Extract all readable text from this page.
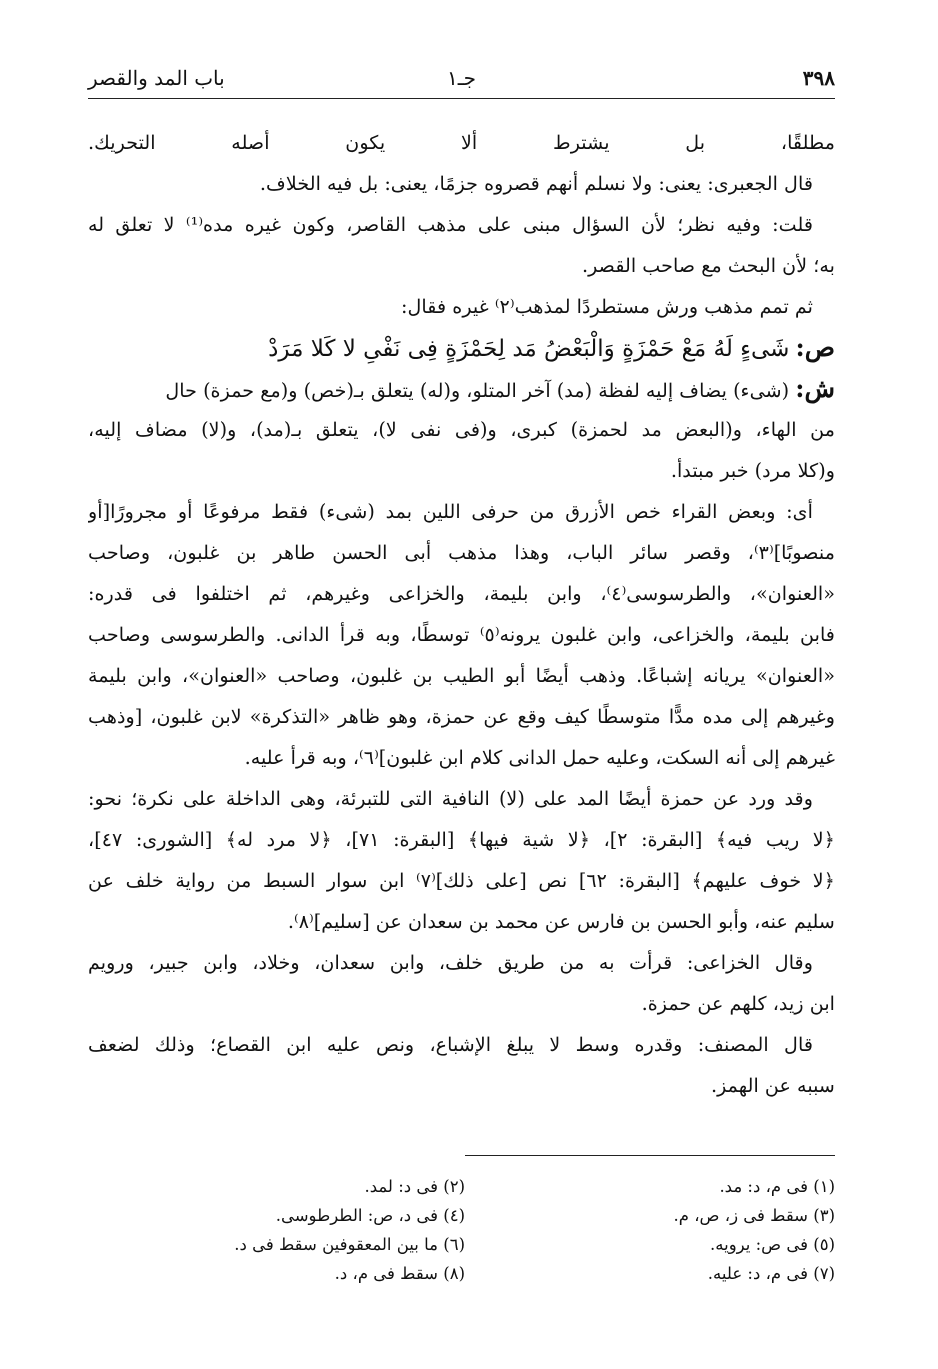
٣٩٨
جـ١
باب المد والقصر
مطلقًا، بل يشترط ألا يكون أصله التحريك.
قال الجعبرى: يعنى: ولا نسلم أنهم قصروه جزمًا، يعنى: بل فيه الخلاف.
قلت: وفيه نظر؛ لأن السؤال مبنى على مذهب القاصر، وكون غيره مده⁽¹⁾ لا تعلق له
به؛ لأن البحث مع صاحب القصر.
ثم تمم مذهب ورش مستطردًا لمذهب⁽٢⁾ غيره فقال:
ص: شَىءٍ لَهُ مَعْ حَمْزَةٍ وَالْبَعْضُ مَد لِحَمْزَةٍ فِى نَفْىِ لا كَلا مَرَدْ
ش: (شىء) يضاف إليه لفظة (مد) آخر المتلو، و(له) يتعلق بـ(خص) و(مع حمزة) حال
من الهاء، و(البعض مد لحمزة) كبرى، و(فى نفى لا)، يتعلق بـ(مد)، و(لا) مضاف إليه،
و(كلا مرد) خبر مبتدأ.
أى: وبعض القراء خص الأزرق من حرفى اللين بمد (شىء) فقط مرفوعًا أو مجرورًا[أو
منصوبًا]⁽٣⁾، وقصر سائر الباب، وهذا مذهب أبى الحسن طاهر بن غلبون، وصاحب
«العنوان»، والطرسوسى⁽٤⁾، وابن بليمة، والخزاعى وغيرهم، ثم اختلفوا فى قدره:
فابن بليمة، والخزاعى، وابن غلبون يرونه⁽٥⁾ توسطًا، وبه قرأ الدانى. والطرسوسى وصاحب
«العنوان» يريانه إشباعًا. وذهب أيضًا أبو الطيب بن غلبون، وصاحب «العنوان»، وابن بليمة
وغيرهم إلى مده مدًّا متوسطًا كيف وقع عن حمزة، وهو ظاهر «التذكرة» لابن غلبون، [وذهب
غيرهم إلى أنه السكت، وعليه حمل الدانى كلام ابن غلبون]⁽٦⁾، وبه قرأ عليه.
وقد ورد عن حمزة أيضًا المد على (لا) النافية التى للتبرئة، وهى الداخلة على نكرة؛ نحو:
﴿لا ريب فيه﴾ [البقرة: ٢]، ﴿لا شية فيها﴾ [البقرة: ٧١]، ﴿لا مرد له﴾ [الشورى: ٤٧]،
﴿لا خوف عليهم﴾ [البقرة: ٦٢] نص [على ذلك]⁽٧⁾ ابن سوار السبط من رواية خلف عن
سليم عنه، وأبو الحسن بن فارس عن محمد بن سعدان عن [سليم]⁽٨⁾.
وقال الخزاعى: قرأت به من طريق خلف، وابن سعدان، وخلاد، وابن جبير، ورويم
ابن زيد، كلهم عن حمزة.
قال المصنف: وقدره وسط لا يبلغ الإشباع، ونص عليه ابن القصاع؛ وذلك لضعف
سببه عن الهمز.
(١) فى م، د: مد.
(٢) فى د: لمد.
(٣) سقط فى ز، ص، م.
(٤) فى د، ص: الطرطوسى.
(٥) فى ص: يرويه.
(٦) ما بين المعقوفين سقط فى د.
(٧) فى م، د: عليه.
(٨) سقط فى م، د.
